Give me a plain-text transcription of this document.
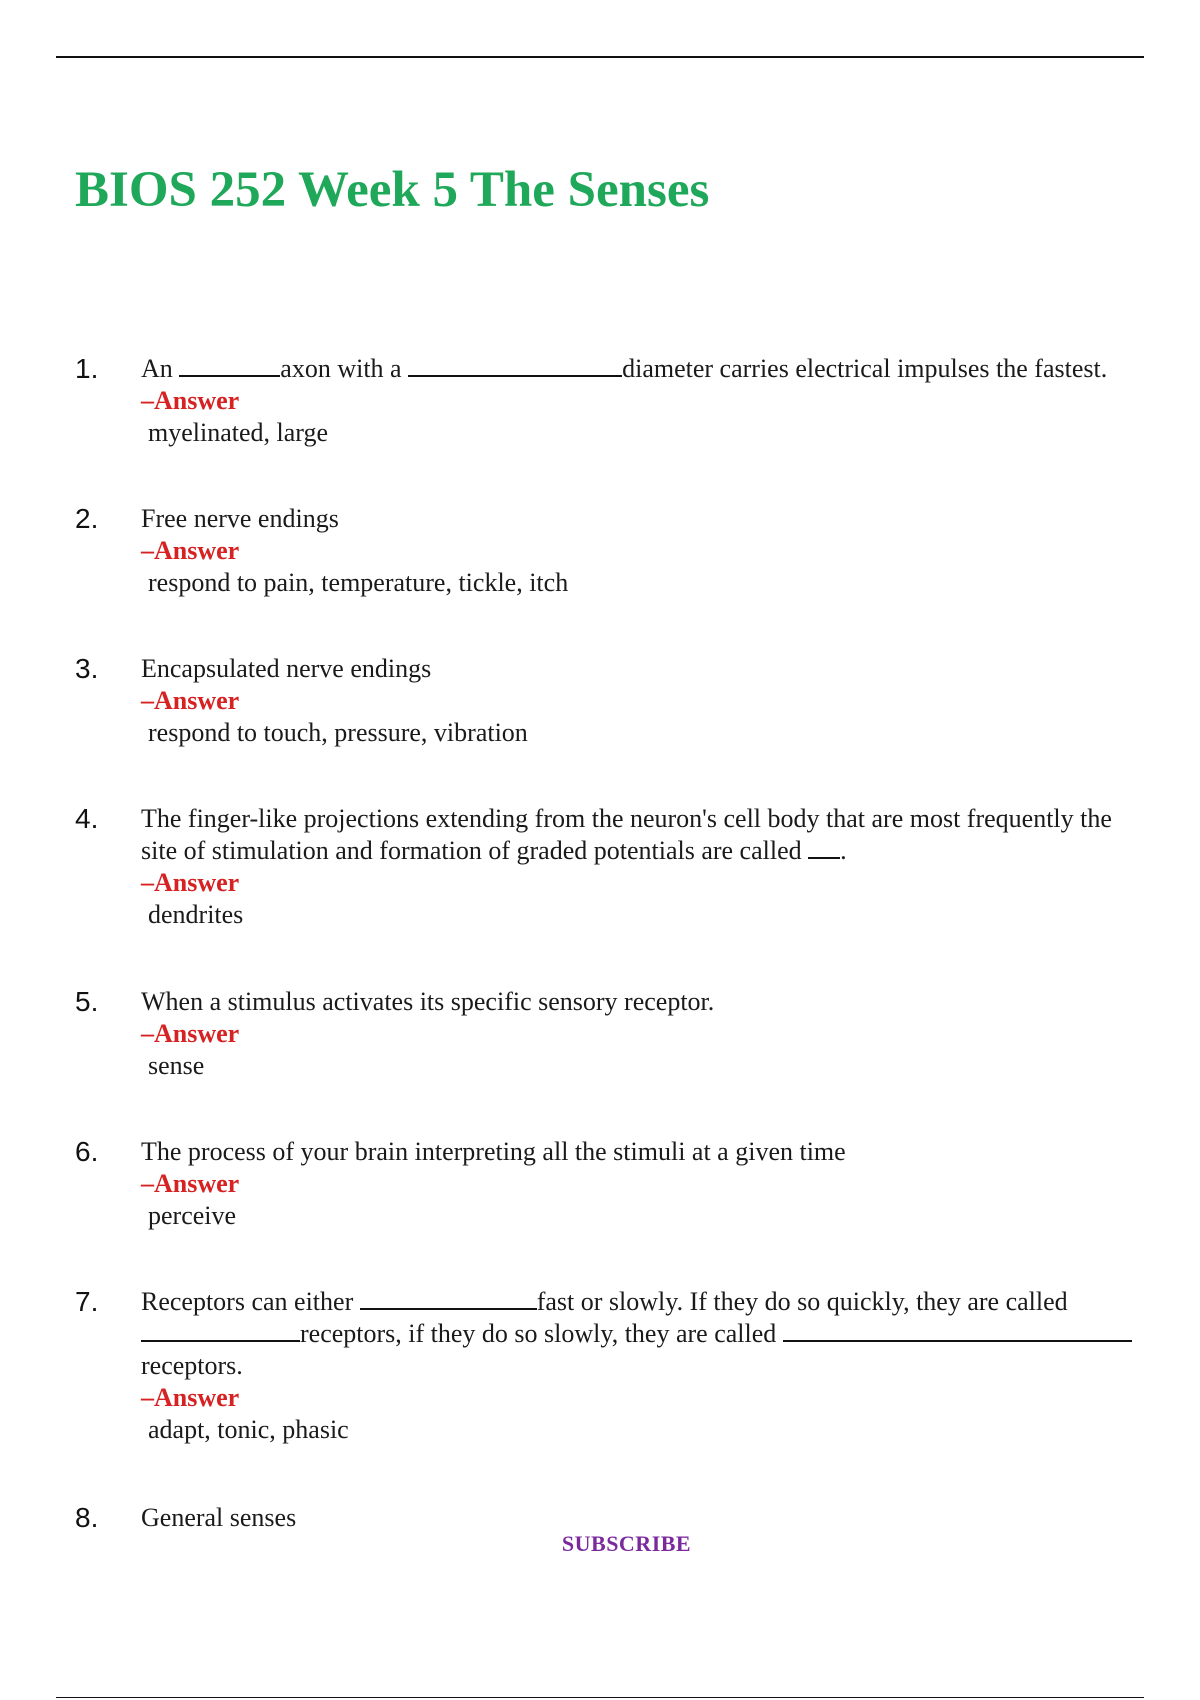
BIOS 252 Week 5 The Senses
1. An	axon with a	diameter carries electrical impulses the fastest.
–Answer
myelinated, large
2. Free nerve endings
–Answer
respond to pain, temperature, tickle, itch
3. Encapsulated nerve endings
–Answer
respond to touch, pressure, vibration
4. The finger-like projections extending from the neuron's cell body that are most frequently the
site of stimulation and formation of graded potentials are called .
–Answer
dendrites
5. When a stimulus activates its specific sensory receptor.
–Answer
sense
6. The process of your brain interpreting all the stimuli at a given time
–Answer
perceive
7. Receptors can either	fast or slowly. If they do so quickly, they are called
receptors, if they do so slowly, they are called
receptors.
–Answer
adapt, tonic, phasic
8. General senses
SUBSCRIBE
